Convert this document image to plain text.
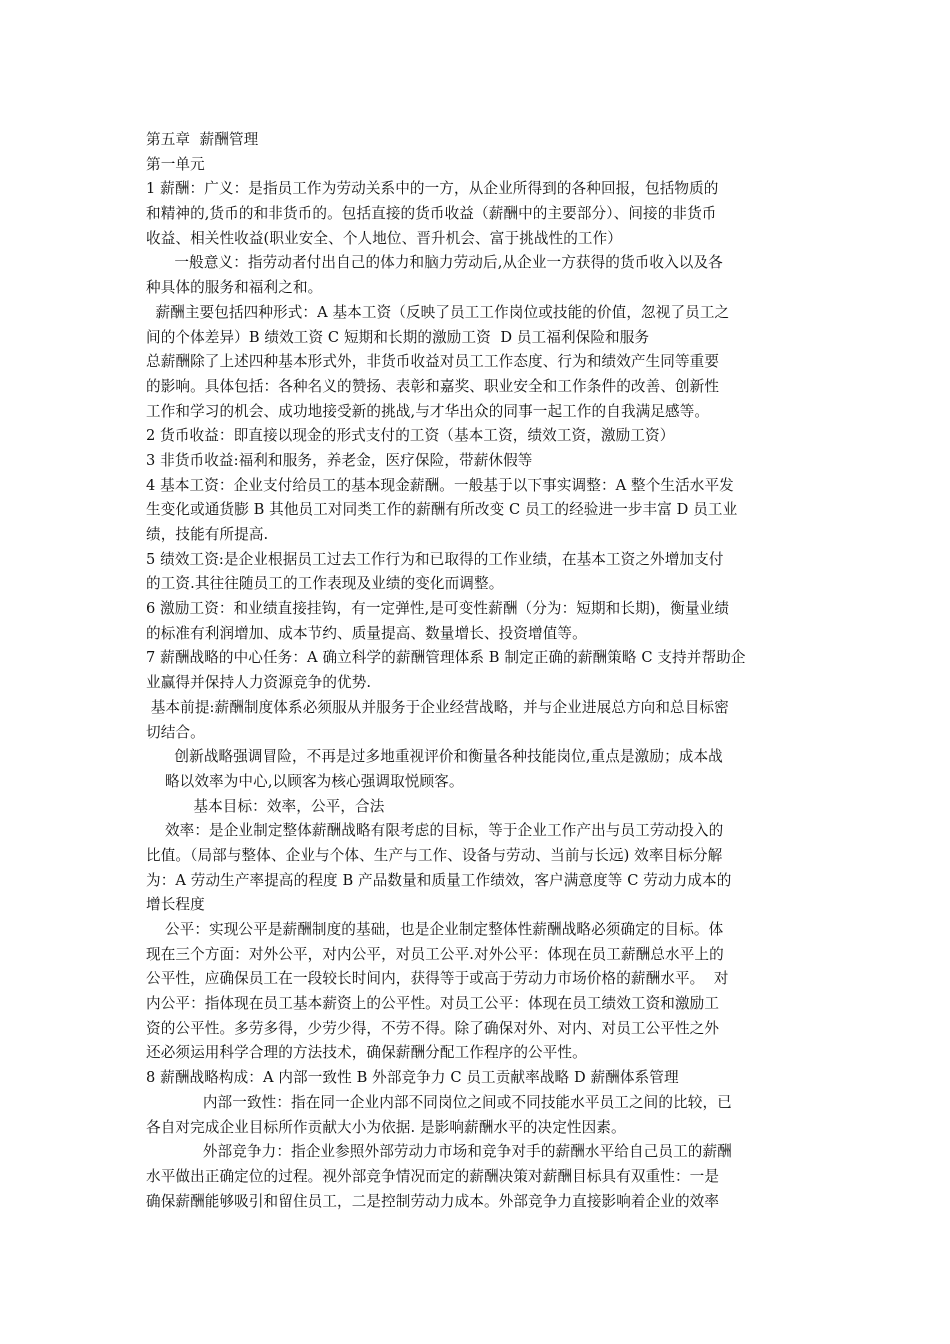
第五章  薪酬管理
第一单元
1 薪酬：广义：是指员工作为劳动关系中的一方，从企业所得到的各种回报，包括物质的
和精神的,货币的和非货币的。包括直接的货币收益（薪酬中的主要部分）、间接的非货币
收益、相关性收益(职业安全、个人地位、晋升机会、富于挑战性的工作）
一般意义：指劳动者付出自己的体力和脑力劳动后,从企业一方获得的货币收入以及各
种具体的服务和福利之和。
薪酬主要包括四种形式：A 基本工资（反映了员工工作岗位或技能的价值，忽视了员工之
间的个体差异）B 绩效工资 C 短期和长期的激励工资  D 员工福利保险和服务
总薪酬除了上述四种基本形式外，非货币收益对员工工作态度、行为和绩效产生同等重要
的影响。具体包括：各种名义的赞扬、表彰和嘉奖、职业安全和工作条件的改善、创新性
工作和学习的机会、成功地接受新的挑战,与才华出众的同事一起工作的自我满足感等。
2 货币收益：即直接以现金的形式支付的工资（基本工资，绩效工资，激励工资）
3 非货币收益:福利和服务，养老金，医疗保险，带薪休假等
4 基本工资：企业支付给员工的基本现金薪酬。一般基于以下事实调整：A 整个生活水平发
生变化或通货膨 B 其他员工对同类工作的薪酬有所改变 C 员工的经验进一步丰富 D 员工业
绩，技能有所提高.
5 绩效工资:是企业根据员工过去工作行为和已取得的工作业绩，在基本工资之外增加支付
的工资.其往往随员工的工作表现及业绩的变化而调整。
6 激励工资：和业绩直接挂钩，有一定弹性,是可变性薪酬（分为：短期和长期)，衡量业绩
的标准有利润增加、成本节约、质量提高、数量增长、投资增值等。
7 薪酬战略的中心任务：A 确立科学的薪酬管理体系 B 制定正确的薪酬策略 C 支持并帮助企
业赢得并保持人力资源竞争的优势.
基本前提:薪酬制度体系必须服从并服务于企业经营战略，并与企业进展总方向和总目标密
切结合。
创新战略强调冒险，不再是过多地重视评价和衡量各种技能岗位,重点是激励；成本战
略以效率为中心,以顾客为核心强调取悦顾客。
基本目标：效率，公平，合法
效率：是企业制定整体薪酬战略有限考虑的目标，等于企业工作产出与员工劳动投入的
比值。（局部与整体、企业与个体、生产与工作、设备与劳动、当前与长远) 效率目标分解
为：A 劳动生产率提高的程度 B 产品数量和质量工作绩效，客户满意度等 C 劳动力成本的
增长程度
公平：实现公平是薪酬制度的基础，也是企业制定整体性薪酬战略必须确定的目标。体
现在三个方面：对外公平，对内公平，对员工公平.对外公平：体现在员工薪酬总水平上的
公平性，应确保员工在一段较长时间内，获得等于或高于劳动力市场价格的薪酬水平。  对
内公平：指体现在员工基本薪资上的公平性。对员工公平：体现在员工绩效工资和激励工
资的公平性。多劳多得，少劳少得，不劳不得。除了确保对外、对内、对员工公平性之外
还必须运用科学合理的方法技术，确保薪酬分配工作程序的公平性。
8 薪酬战略构成：A 内部一致性 B 外部竞争力 C 员工贡献率战略 D 薪酬体系管理
内部一致性：指在同一企业内部不同岗位之间或不同技能水平员工之间的比较，已
各自对完成企业目标所作贡献大小为依据. 是影响薪酬水平的决定性因素。
外部竞争力：指企业参照外部劳动力市场和竞争对手的薪酬水平给自己员工的薪酬
水平做出正确定位的过程。视外部竞争情况而定的薪酬决策对薪酬目标具有双重性：一是
确保薪酬能够吸引和留住员工，二是控制劳动力成本。外部竞争力直接影响着企业的效率
